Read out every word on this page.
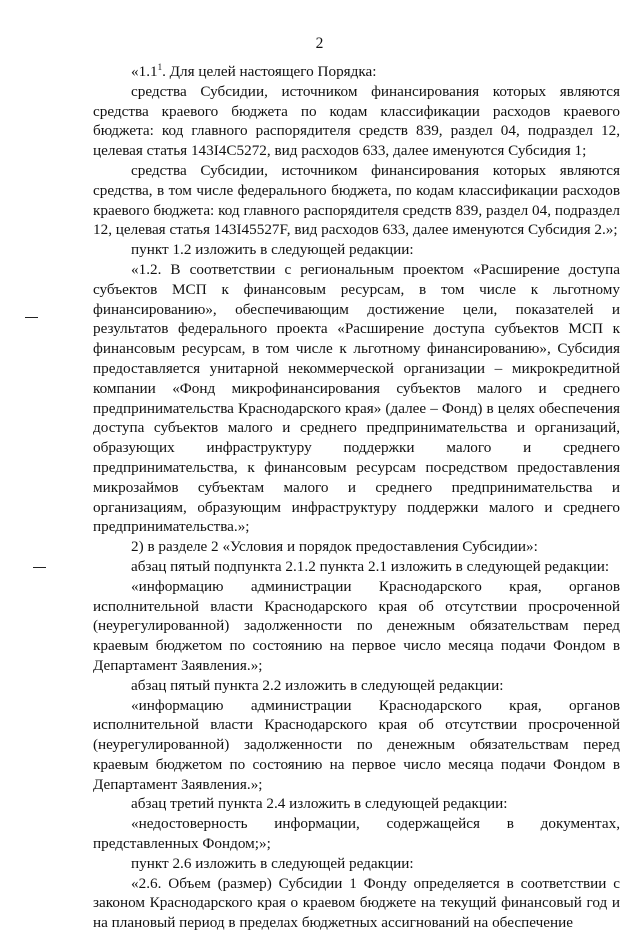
2

«$1.1^1$. Для целей настоящего Порядка:

средства Субсидии, источником финансирования которых являются средства краевого бюджета по кодам классификации расходов краевого бюджета: код главного распорядителя средств 839, раздел 04, подраздел 12, целевая статья 143I4C5272, вид расходов 633, далее именуются Субсидия 1;

средства Субсидии, источником финансирования которых являются средства, в том числе федерального бюджета, по кодам классификации расходов краевого бюджета: код главного распорядителя средств 839, раздел 04, подраздел 12, целевая статья 143I45527F, вид расходов 633, далее именуются Субсидия 2.»;

пункт 1.2 изложить в следующей редакции:

«1.2. В соответствии с региональным проектом «Расширение доступа субъектов МСП к финансовым ресурсам, в том числе к льготному финансированию», обеспечивающим достижение цели, показателей и результатов федерального проекта «Расширение доступа субъектов МСП к финансовым ресурсам, в том числе к льготному финансированию», Субсидия предоставляется унитарной некоммерческой организации – микрокредитной компании «Фонд микрофинансирования субъектов малого и среднего предпринимательства Краснодарского края» (далее – Фонд) в целях обеспечения доступа субъектов малого и среднего предпринимательства и организаций, образующих инфраструктуру поддержки малого и среднего предпринимательства, к финансовым ресурсам посредством предоставления микрозаймов субъектам малого и среднего предпринимательства и организациям, образующим инфраструктуру поддержки малого и среднего предпринимательства.»;

2) в разделе 2 «Условия и порядок предоставления Субсидии»:

абзац пятый подпункта 2.1.2 пункта 2.1 изложить в следующей редакции:

«информацию администрации Краснодарского края, органов исполнительной власти Краснодарского края об отсутствии просроченной (неурегулированной) задолженности по денежным обязательствам перед краевым бюджетом по состоянию на первое число месяца подачи Фондом в Департамент Заявления.»;

абзац пятый пункта 2.2 изложить в следующей редакции:

«информацию администрации Краснодарского края, органов исполнительной власти Краснодарского края об отсутствии просроченной (неурегулированной) задолженности по денежным обязательствам перед краевым бюджетом по состоянию на первое число месяца подачи Фондом в Департамент Заявления.»;

абзац третий пункта 2.4 изложить в следующей редакции:

«недостоверность информации, содержащейся в документах, представленных Фондом;»;

пункт 2.6 изложить в следующей редакции:

«2.6. Объем (размер) Субсидии 1 Фонду определяется в соответствии с законом Краснодарского края о краевом бюджете на текущий финансовый год и на плановый период в пределах бюджетных ассигнований на обеспечение
